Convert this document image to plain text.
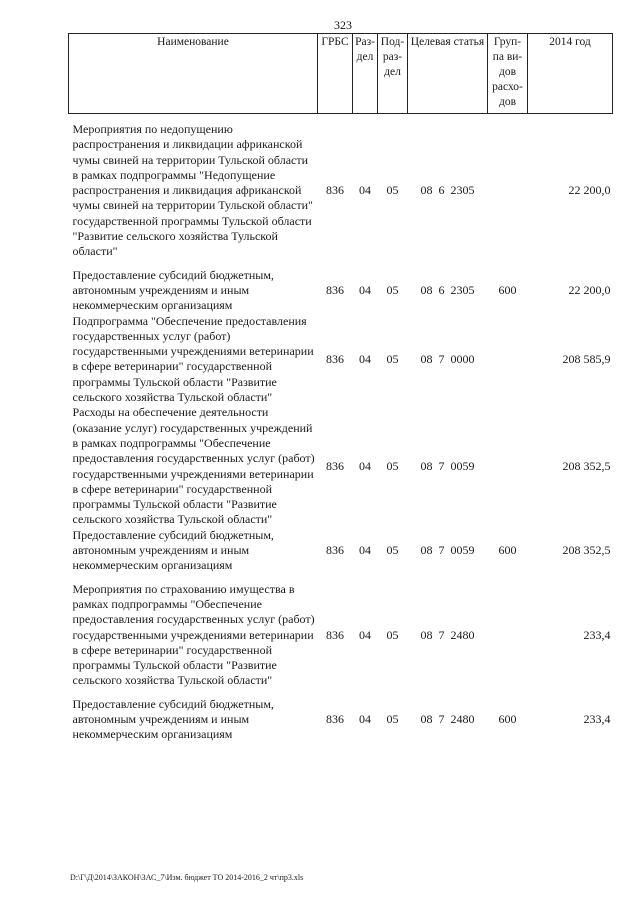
323
Наименование	ГРБС	Раз-дел	Под-раз-дел	Целевая статья	Груп-па ви-дов расхо-дов	2014 год

Мероприятия по недопущению распространения и ликвидации африканской чумы свиней на территории Тульской области в рамках подпрограммы "Недопущение распространения и ликвидация африканской чумы свиней на территории Тульской области" государственной программы Тульской области "Развитие сельского хозяйства Тульской области"	836	04	05	08 6 2305		22 200,0

Предоставление субсидий бюджетным, автономным учреждениям и иным некоммерческим организациям	836	04	05	08 6 2305	600	22 200,0
Подпрограмма "Обеспечение предоставления государственных услуг (работ) государственными учреждениями ветеринарии в сфере ветеринарии" государственной программы Тульской области "Развитие сельского хозяйства Тульской области"	836	04	05	08 7 0000		208 585,9
Расходы на обеспечение деятельности (оказание услуг) государственных учреждений в рамках подпрограммы "Обеспечение предоставления государственных услуг (работ) государственными учреждениями ветеринарии в сфере ветеринарии" государственной программы Тульской области "Развитие сельского хозяйства Тульской области"	836	04	05	08 7 0059		208 352,5
Предоставление субсидий бюджетным, автономным учреждениям и иным некоммерческим организациям	836	04	05	08 7 0059	600	208 352,5

Мероприятия по страхованию имущества в рамках подпрограммы "Обеспечение предоставления государственных услуг (работ) государственными учреждениями ветеринарии в сфере ветеринарии" государственной программы Тульской области "Развитие сельского хозяйства Тульской области"	836	04	05	08 7 2480		233,4

Предоставление субсидий бюджетным, автономным учреждениям и иным некоммерческим организациям	836	04	05	08 7 2480	600	233,4
D:\Г\Д\2014\ЗАКОН\ЗАС_7\Изм. бюджет ТО 2014-2016_2 чт\пр3.xls
